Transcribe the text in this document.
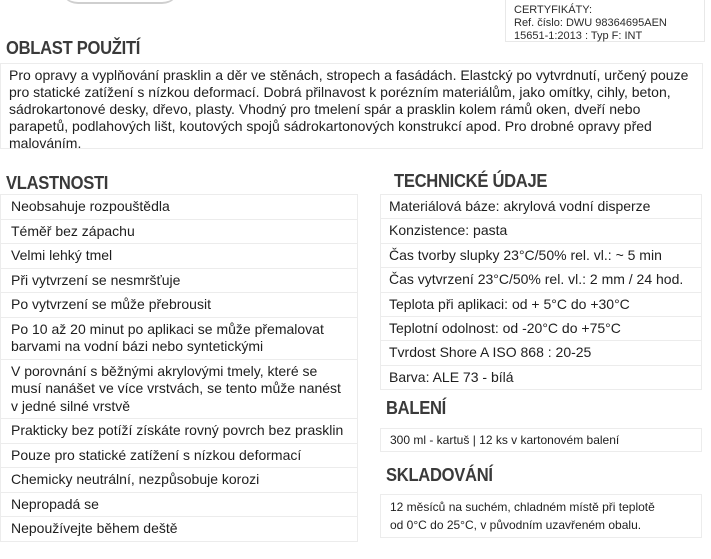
CERTYFIKÁTY:
Ref. číslo: DWU 98364695AEN
15651-1:2013 : Typ F: INT
OBLAST POUŽITÍ
Pro opravy a vyplňování prasklin a děr ve stěnách, stropech a fasádách. Elastcký po vytvrdnutí, určený pouze pro statické zatížení s nízkou deformací. Dobrá přilnavost k porézním materiálům, jako omítky, cihly, beton, sádrokartonové desky, dřevo, plasty. Vhodný pro tmelení spár a prasklin kolem rámů oken, dveří nebo parapetů, podlahových lišt, koutových spojů sádrokartonových konstrukcí apod. Pro drobné opravy před malováním.
VLASTNOSTI
Neobsahuje rozpouštědla
Téměř bez zápachu
Velmi lehký tmel
Při vytvrzení se nesmršťuje
Po vytvrzení se může přebrousit
Po 10 až 20 minut po aplikaci se může přemalovat barvami na vodní bázi nebo syntetickými
V porovnání s běžnými akrylovými tmely, které se musí nanášet ve více vrstvách, se tento může nanést v jedné silné vrstvě
Prakticky bez potíží získáte rovný povrch bez prasklin
Pouze pro statické zatížení s nízkou deformací
Chemicky neutrální, nezpůsobuje korozi
Nepropadá se
Nepoužívejte během deště
TECHNICKÉ ÚDAJE
Materiálová báze: akrylová vodní disperze
Konzistence: pasta
Čas tvorby slupky 23°C/50% rel. vl.: ~ 5 min
Čas vytvrzení 23°C/50% rel. vl.: 2 mm / 24 hod.
Teplota při aplikaci: od + 5°C do +30°C
Teplotní odolnost: od -20°C do +75°C
Tvrdost Shore A ISO 868 : 20-25
Barva: ALE 73 - bílá
BALENÍ
300 ml - kartuš | 12 ks v kartonovém balení
SKLADOVÁNÍ
12 měsíců na suchém, chladném místě při teplotě
od 0°C do 25°C, v původním uzavřeném obalu.
